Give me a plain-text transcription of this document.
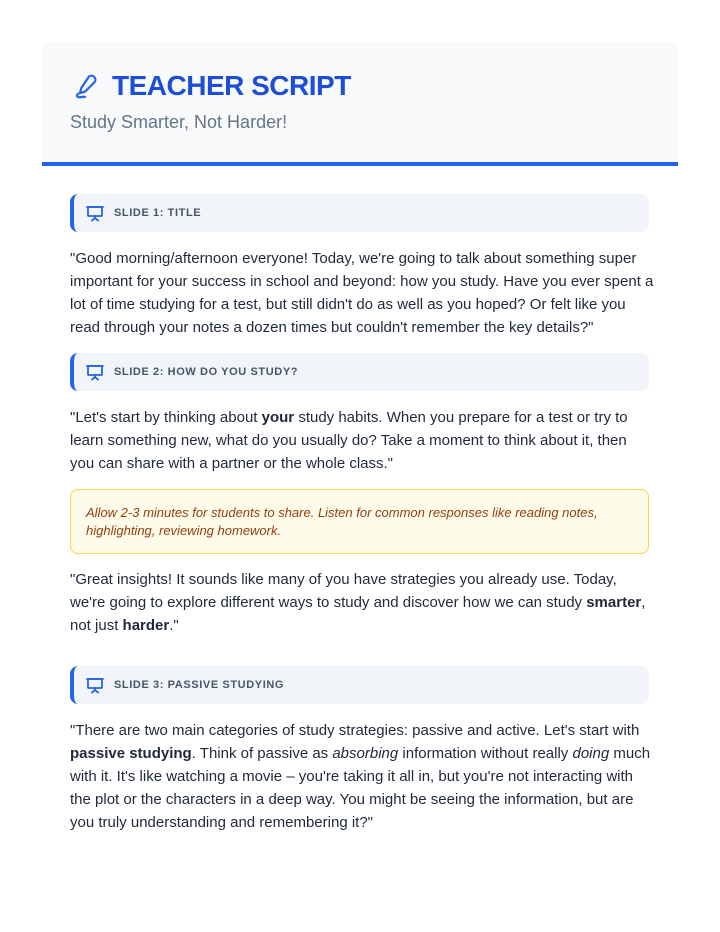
TEACHER SCRIPT
Study Smarter, Not Harder!
SLIDE 1: TITLE

"Good morning/afternoon everyone! Today, we're going to talk about something super important for your success in school and beyond: how you study. Have you ever spent a lot of time studying for a test, but still didn't do as well as you hoped? Or felt like you read through your notes a dozen times but couldn't remember the key details?"

SLIDE 2: HOW DO YOU STUDY?

"Let's start by thinking about your study habits. When you prepare for a test or try to learn something new, what do you usually do? Take a moment to think about it, then you can share with a partner or the whole class."

Allow 2-3 minutes for students to share. Listen for common responses like reading notes, highlighting, reviewing homework.

"Great insights! It sounds like many of you have strategies you already use. Today, we're going to explore different ways to study and discover how we can study smarter, not just harder."

SLIDE 3: PASSIVE STUDYING

"There are two main categories of study strategies: passive and active. Let's start with passive studying. Think of passive as absorbing information without really doing much with it. It's like watching a movie – you're taking it all in, but you're not interacting with the plot or the characters in a deep way. You might be seeing the information, but are you truly understanding and remembering it?"
